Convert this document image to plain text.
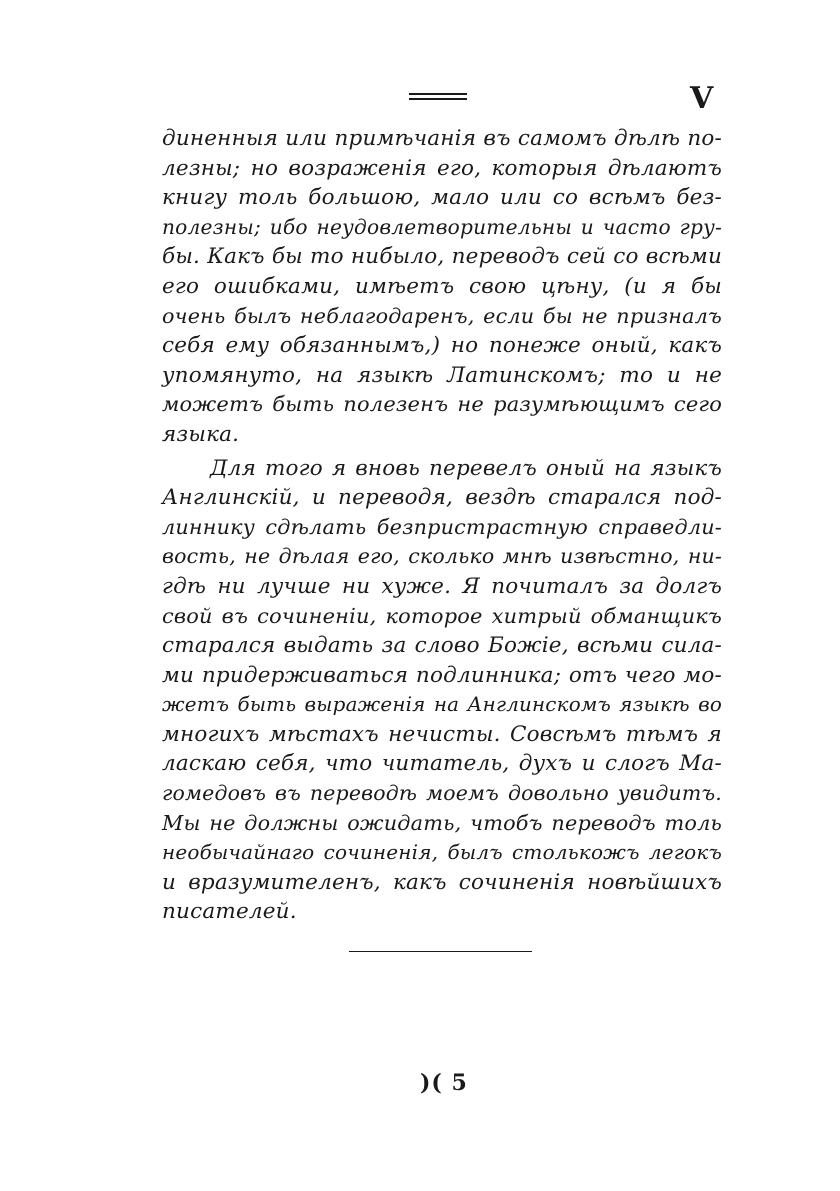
V
диненныя или примѣчанія въ самомъ дѣлѣ по-
лезны; но возраженія его, которыя дѣлаютъ
книгу толь большою, мало или со всѣмъ без-
полезны; ибо неудовлетворительны и часто гру-
бы. Какъ бы то нибыло, переводъ сей со всѣми
его ошибками, имѣетъ свою цѣну, (и я бы
очень былъ неблагодаренъ, если бы не призналъ
себя ему обязаннымъ,) но понеже оный, какъ
упомянуто, на языкѣ Латинскомъ; то и не
можетъ быть полезенъ не разумѣющимъ сего
языка.
Для того я вновь перевелъ оный на языкъ
Англинскій, и переводя, вездѣ старался под-
линнику сдѣлать безпристрастную справедли-
вость, не дѣлая его, сколько мнѣ извѣстно, ни-
гдѣ ни лучше ни хуже. Я почиталъ за долгъ
свой въ сочиненіи, которое хитрый обманщикъ
старался выдать за слово Божіе, всѣми сила-
ми придерживаться подлинника; отъ чего мо-
жетъ быть выраженія на Англинскомъ языкѣ во
многихъ мѣстахъ нечисты. Совсѣмъ тѣмъ я
ласкаю себя, что читатель, духъ и слогъ Ма-
гомедовъ въ переводѣ моемъ довольно увидитъ.
Мы не должны ожидать, чтобъ переводъ толь
необычайнаго сочиненія, былъ столькожъ легокъ
и вразумителенъ, какъ сочиненія новѣйшихъ
писателей.
)( 5
